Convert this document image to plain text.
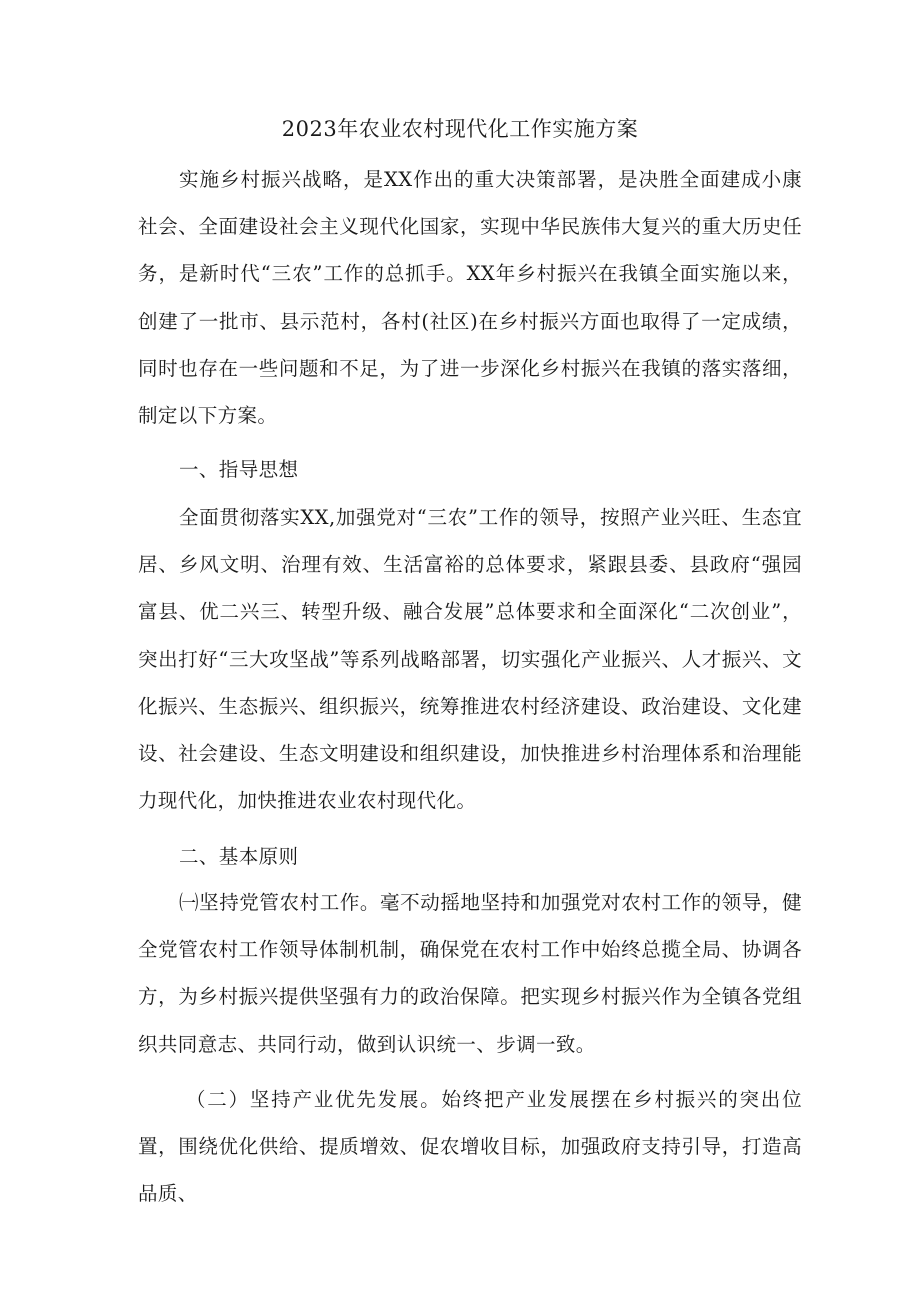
2023年农业农村现代化工作实施方案

实施乡村振兴战略，是XX作出的重大决策部署，是决胜全面建成小康社会、全面建设社会主义现代化国家，实现中华民族伟大复兴的重大历史任务，是新时代“三农”工作的总抓手。XX年乡村振兴在我镇全面实施以来，创建了一批市、县示范村，各村(社区)在乡村振兴方面也取得了一定成绩，同时也存在一些问题和不足，为了进一步深化乡村振兴在我镇的落实落细，制定以下方案。

一、指导思想

全面贯彻落实XX,加强党对“三农”工作的领导，按照产业兴旺、生态宜居、乡风文明、治理有效、生活富裕的总体要求，紧跟县委、县政府“强园富县、优二兴三、转型升级、融合发展”总体要求和全面深化“二次创业”，突出打好“三大攻坚战”等系列战略部署，切实强化产业振兴、人才振兴、文化振兴、生态振兴、组织振兴，统筹推进农村经济建设、政治建设、文化建设、社会建设、生态文明建设和组织建设，加快推进乡村治理体系和治理能力现代化，加快推进农业农村现代化。

二、基本原则

㈠坚持党管农村工作。毫不动摇地坚持和加强党对农村工作的领导，健全党管农村工作领导体制机制，确保党在农村工作中始终总揽全局、协调各方，为乡村振兴提供坚强有力的政治保障。把实现乡村振兴作为全镇各党组织共同意志、共同行动，做到认识统一、步调一致。

（二）坚持产业优先发展。始终把产业发展摆在乡村振兴的突出位置，围绕优化供给、提质增效、促农增收目标，加强政府支持引导，打造高品质、
